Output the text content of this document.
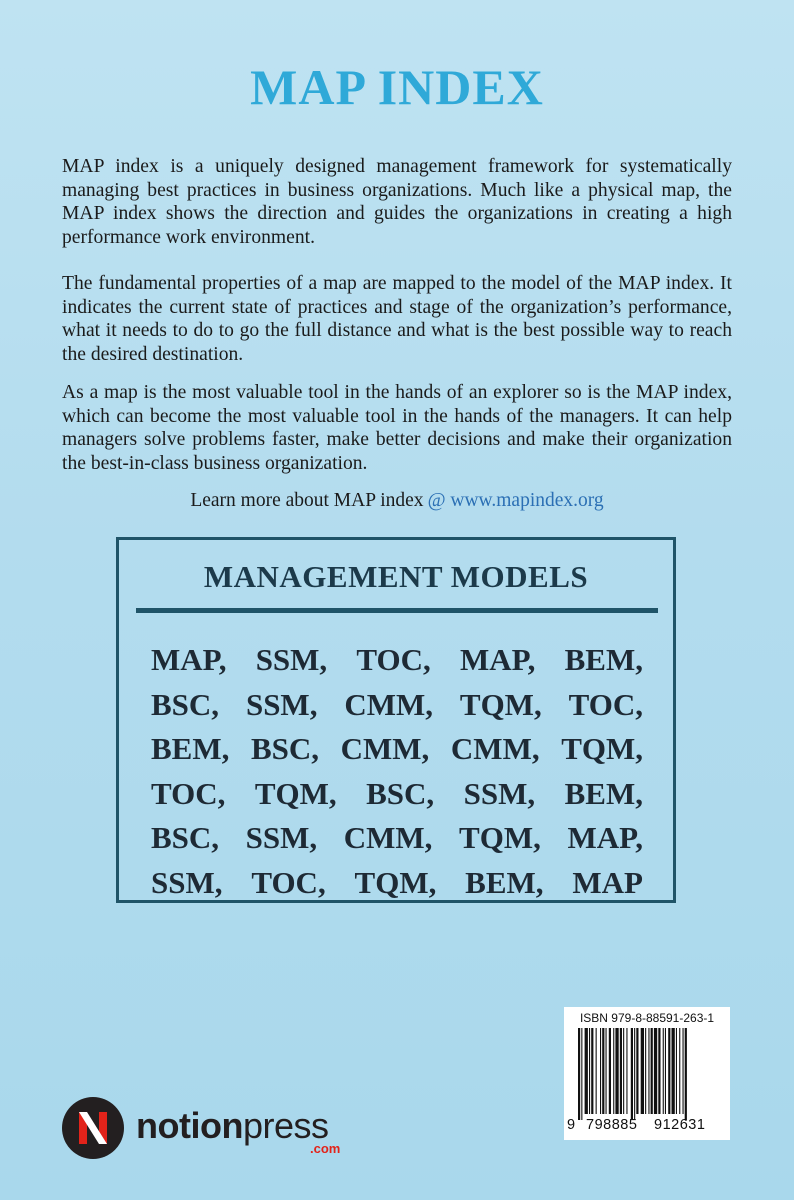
MAP INDEX

MAP index is a uniquely designed management framework for systematically managing best practices in business organizations. Much like a physical map, the MAP index shows the direction and guides the organizations in creating a high performance work environment.

The fundamental properties of a map are mapped to the model of the MAP index. It indicates the current state of practices and stage of the organization’s performance, what it needs to do to go the full distance and what is the best possible way to reach the desired destination.

As a map is the most valuable tool in the hands of an explorer so is the MAP index, which can become the most valuable tool in the hands of the managers. It can help managers solve problems faster, make better decisions and make their organization the best-in-class business organization.

Learn more about MAP index @ www.mapindex.org
MANAGEMENT MODELS
MAP, SSM, TOC, MAP, BEM,
BSC, SSM, CMM, TQM, TOC,
BEM, BSC, CMM, CMM, TQM,
TOC, TQM, BSC, SSM, BEM,
BSC, SSM, CMM, TQM, MAP,
SSM, TOC, TQM, BEM, MAP
notionpress
.com
ISBN 979-8-88591-263-1
9 798885 912631
